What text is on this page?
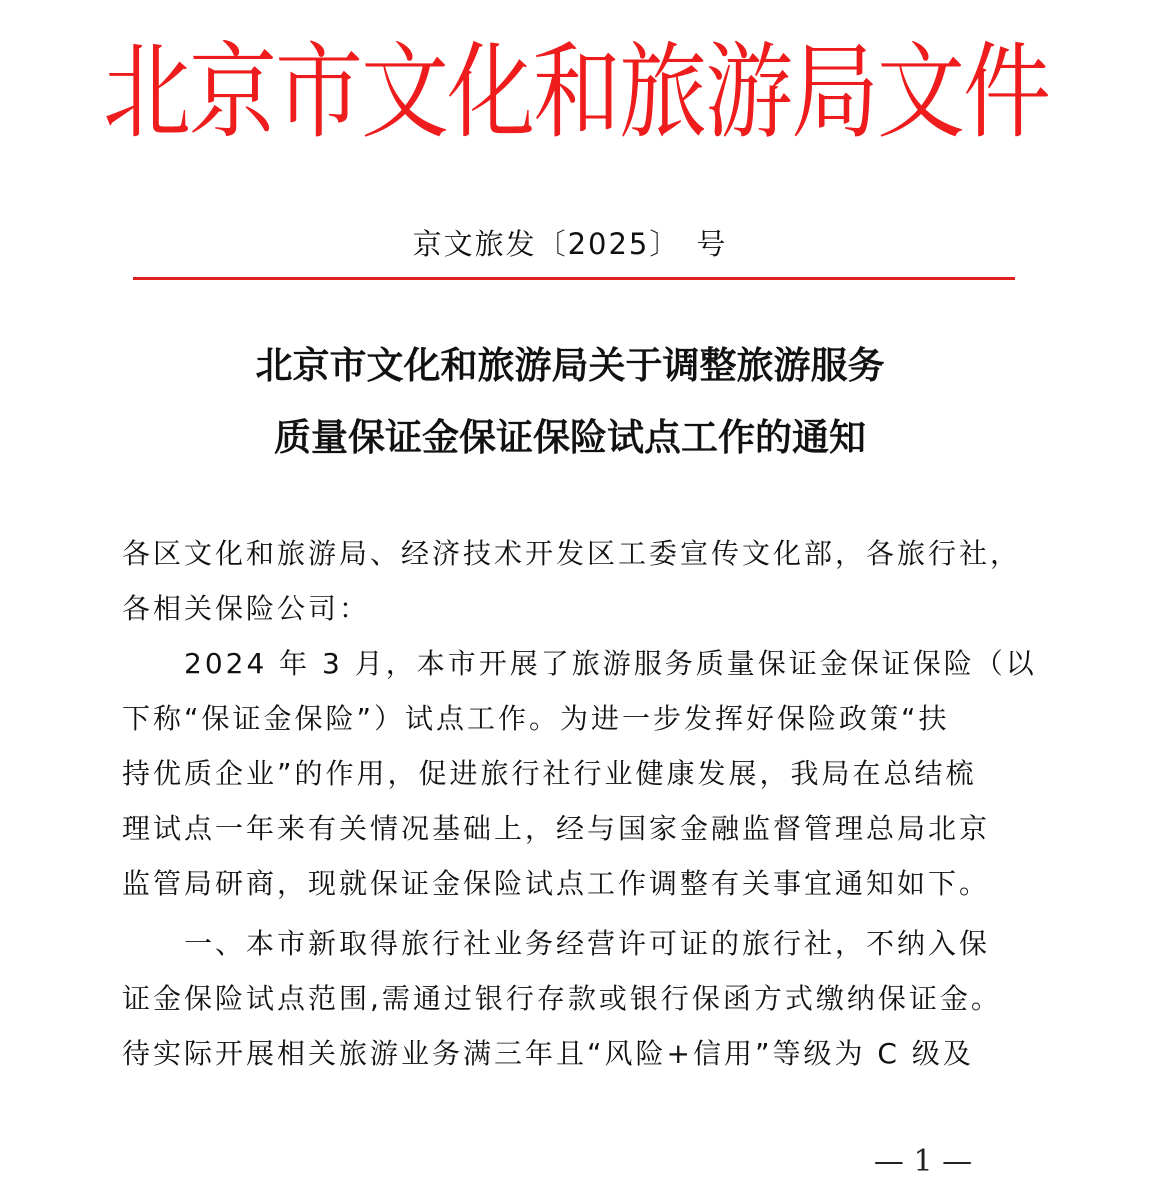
北京市文化和旅游局文件
京文旅发〔2025〕 号
北京市文化和旅游局关于调整旅游服务
质量保证金保证保险试点工作的通知
各区文化和旅游局、经济技术开发区工委宣传文化部，各旅行社，
各相关保险公司：
2024 年 3 月，本市开展了旅游服务质量保证金保证保险（以
下称“保证金保险”）试点工作。为进一步发挥好保险政策“扶
持优质企业”的作用，促进旅行社行业健康发展，我局在总结梳
理试点一年来有关情况基础上，经与国家金融监督管理总局北京
监管局研商，现就保证金保险试点工作调整有关事宜通知如下。
一、本市新取得旅行社业务经营许可证的旅行社，不纳入保
证金保险试点范围,需通过银行存款或银行保函方式缴纳保证金。
待实际开展相关旅游业务满三年且“风险+信用”等级为 C 级及
— 1 —
